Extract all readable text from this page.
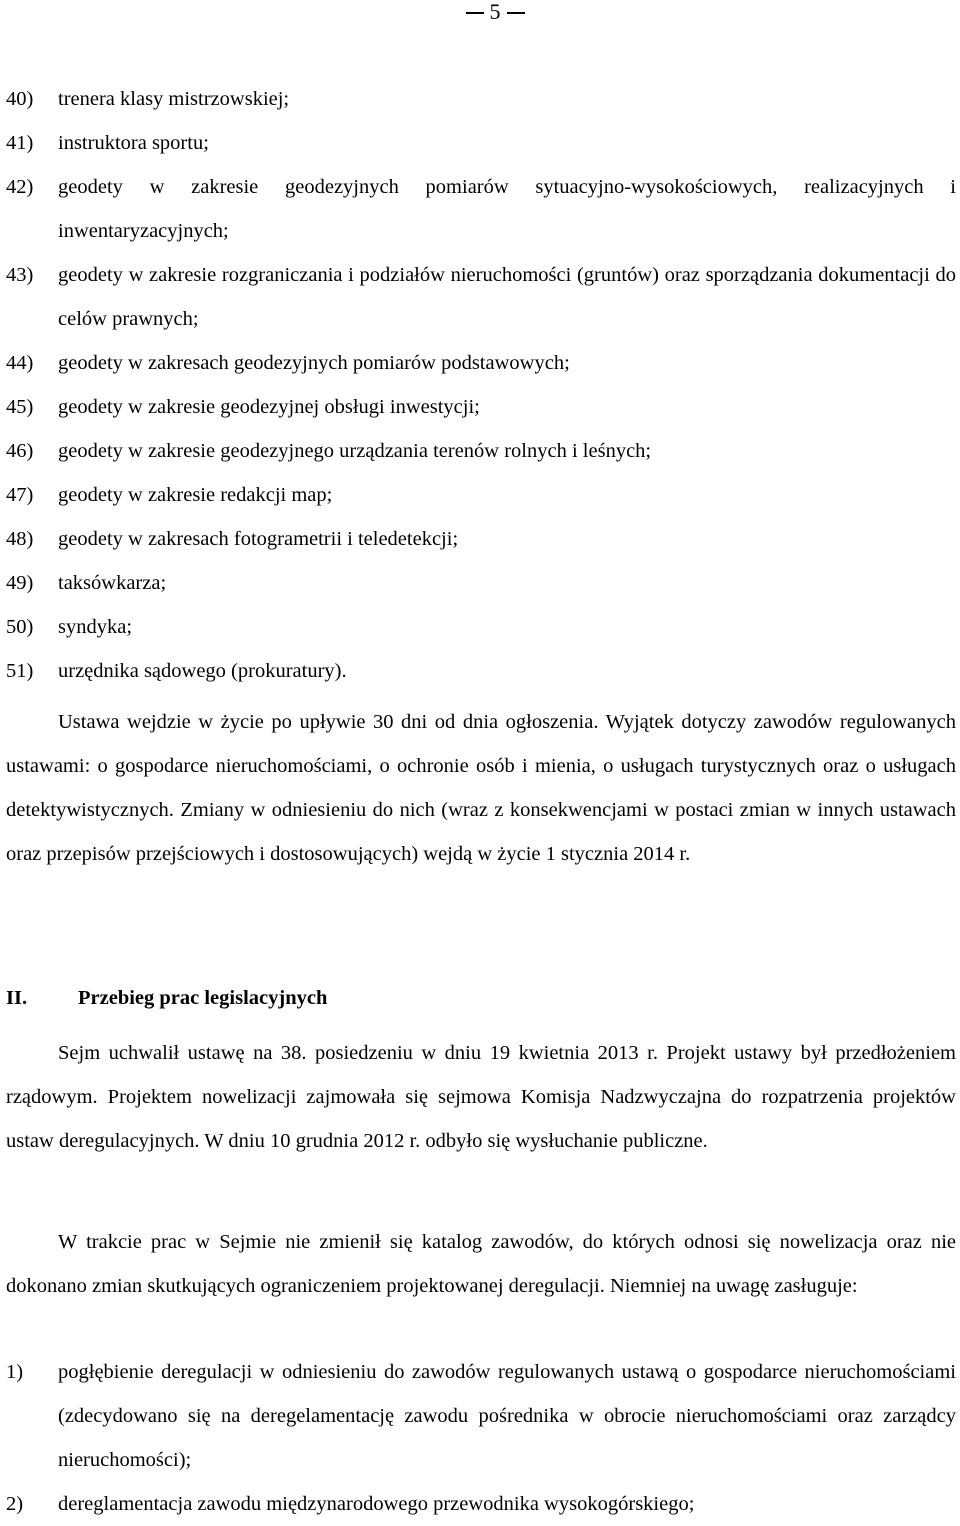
5
40)	trenera klasy mistrzowskiej;
41)	instruktora sportu;
42)	geodety w zakresie geodezyjnych pomiarów sytuacyjno-wysokościowych, realizacyjnych i inwentaryzacyjnych;
43)	geodety w zakresie rozgraniczania i podziałów nieruchomości (gruntów) oraz sporządzania dokumentacji do celów prawnych;
44)	geodety w zakresach geodezyjnych pomiarów podstawowych;
45)	geodety w zakresie geodezyjnej obsługi inwestycji;
46)	geodety w zakresie geodezyjnego urządzania terenów rolnych i leśnych;
47)	geodety w zakresie redakcji map;
48)	geodety w zakresach fotogrametrii i teledetekcji;
49)	taksówkarza;
50)	syndyka;
51)	urzędnika sądowego (prokuratury).

Ustawa wejdzie w życie po upływie 30 dni od dnia ogłoszenia. Wyjątek dotyczy zawodów regulowanych ustawami: o gospodarce nieruchomościami, o ochronie osób i mienia, o usługach turystycznych oraz o usługach detektywistycznych. Zmiany w odniesieniu do nich (wraz z konsekwencjami w postaci zmian w innych ustawach oraz przepisów przejściowych i dostosowujących) wejdą w życie 1 stycznia 2014 r.

II.	Przebieg prac legislacyjnych

Sejm uchwalił ustawę na 38. posiedzeniu w dniu 19 kwietnia 2013 r. Projekt ustawy był przedłożeniem rządowym. Projektem nowelizacji zajmowała się sejmowa Komisja Nadzwyczajna do rozpatrzenia projektów ustaw deregulacyjnych. W dniu 10 grudnia 2012 r. odbyło się wysłuchanie publiczne.

W trakcie prac w Sejmie nie zmienił się katalog zawodów, do których odnosi się nowelizacja oraz nie dokonano zmian skutkujących ograniczeniem projektowanej deregulacji. Niemniej na uwagę zasługuje:

1)	pogłębienie deregulacji w odniesieniu do zawodów regulowanych ustawą o gospodarce nieruchomościami (zdecydowano się na deregelamentację zawodu pośrednika w obrocie nieruchomościami oraz zarządcy nieruchomości);
2)	dereglamentacja zawodu międzynarodowego przewodnika wysokogórskiego;
